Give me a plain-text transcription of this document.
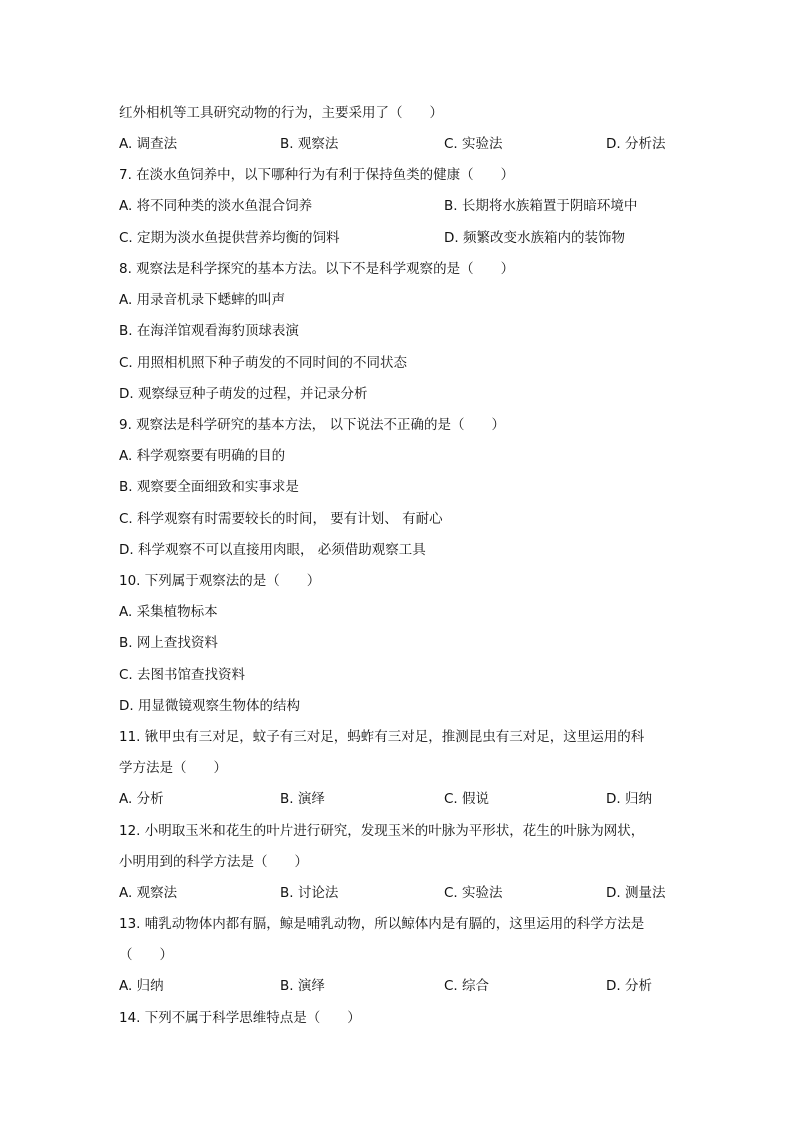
红外相机等工具研究动物的行为，主要采用了（　　）
A. 调查法	B. 观察法	C. 实验法	D. 分析法
7. 在淡水鱼饲养中，以下哪种行为有利于保持鱼类的健康（　　）
A. 将不同种类的淡水鱼混合饲养	B. 长期将水族箱置于阴暗环境中
C. 定期为淡水鱼提供营养均衡的饲料	D. 频繁改变水族箱内的装饰物
8. 观察法是科学探究的基本方法。以下不是科学观察的是（　　）
A. 用录音机录下蟋蟀的叫声
B. 在海洋馆观看海豹顶球表演
C. 用照相机照下种子萌发的不同时间的不同状态
D. 观察绿豆种子萌发的过程，并记录分析
9. 观察法是科学研究的基本方法， 以下说法不正确的是（　　）
A. 科学观察要有明确的目的
B. 观察要全面细致和实事求是
C. 科学观察有时需要较长的时间， 要有计划、 有耐心
D. 科学观察不可以直接用肉眼， 必须借助观察工具
10. 下列属于观察法的是（　　）
A. 采集植物标本
B. 网上查找资料
C. 去图书馆查找资料
D. 用显微镜观察生物体的结构
11. 锹甲虫有三对足，蚊子有三对足，蚂蚱有三对足，推测昆虫有三对足，这里运用的科
学方法是（　　）
A. 分析	B. 演绎	C. 假说	D. 归纳
12. 小明取玉米和花生的叶片进行研究，发现玉米的叶脉为平形状，花生的叶脉为网状，
小明用到的科学方法是（　　）
A. 观察法	B. 讨论法	C. 实验法	D. 测量法
13. 哺乳动物体内都有膈，鲸是哺乳动物，所以鲸体内是有膈的，这里运用的科学方法是
（　　）
A. 归纳	B. 演绎	C. 综合	D. 分析
14. 下列不属于科学思维特点是（　　）
